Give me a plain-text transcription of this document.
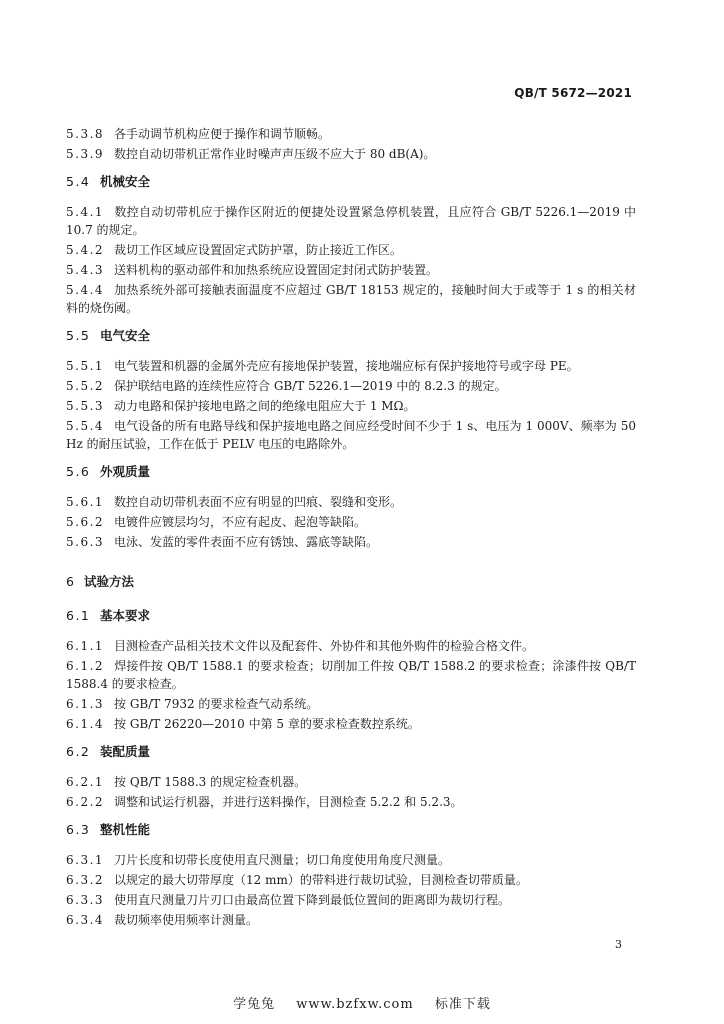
QB/T 5672—2021
5.3.8 各手动调节机构应便于操作和调节顺畅。
5.3.9 数控自动切带机正常作业时噪声声压级不应大于 80 dB(A)。
5.4 机械安全
5.4.1 数控自动切带机应于操作区附近的便捷处设置紧急停机装置，且应符合 GB/T 5226.1—2019 中 10.7 的规定。
5.4.2 裁切工作区域应设置固定式防护罩，防止接近工作区。
5.4.3 送料机构的驱动部件和加热系统应设置固定封闭式防护装置。
5.4.4 加热系统外部可接触表面温度不应超过 GB/T 18153 规定的，接触时间大于或等于 1 s 的相关材料的烧伤阈。
5.5 电气安全
5.5.1 电气装置和机器的金属外壳应有接地保护装置，接地端应标有保护接地符号或字母 PE。
5.5.2 保护联结电路的连续性应符合 GB/T 5226.1—2019 中的 8.2.3 的规定。
5.5.3 动力电路和保护接地电路之间的绝缘电阻应大于 1 MΩ。
5.5.4 电气设备的所有电路导线和保护接地电路之间应经受时间不少于 1 s、电压为 1 000V、频率为 50 Hz 的耐压试验，工作在低于 PELV 电压的电路除外。
5.6 外观质量
5.6.1 数控自动切带机表面不应有明显的凹痕、裂缝和变形。
5.6.2 电镀件应镀层均匀，不应有起皮、起泡等缺陷。
5.6.3 电泳、发蓝的零件表面不应有锈蚀、露底等缺陷。
6 试验方法
6.1 基本要求
6.1.1 目测检查产品相关技术文件以及配套件、外协件和其他外购件的检验合格文件。
6.1.2 焊接件按 QB/T 1588.1 的要求检查；切削加工件按 QB/T 1588.2 的要求检查；涂漆件按 QB/T 1588.4 的要求检查。
6.1.3 按 GB/T 7932 的要求检查气动系统。
6.1.4 按 GB/T 26220—2010 中第 5 章的要求检查数控系统。
6.2 装配质量
6.2.1 按 QB/T 1588.3 的规定检查机器。
6.2.2 调整和试运行机器，并进行送料操作，目测检查 5.2.2 和 5.2.3。
6.3 整机性能
6.3.1 刀片长度和切带长度使用直尺测量；切口角度使用角度尺测量。
6.3.2 以规定的最大切带厚度（12 mm）的带料进行裁切试验，目测检查切带质量。
6.3.3 使用直尺测量刀片刃口由最高位置下降到最低位置间的距离即为裁切行程。
6.3.4 裁切频率使用频率计测量。
3
学兔兔 www.bzfxw.com 标准下载
